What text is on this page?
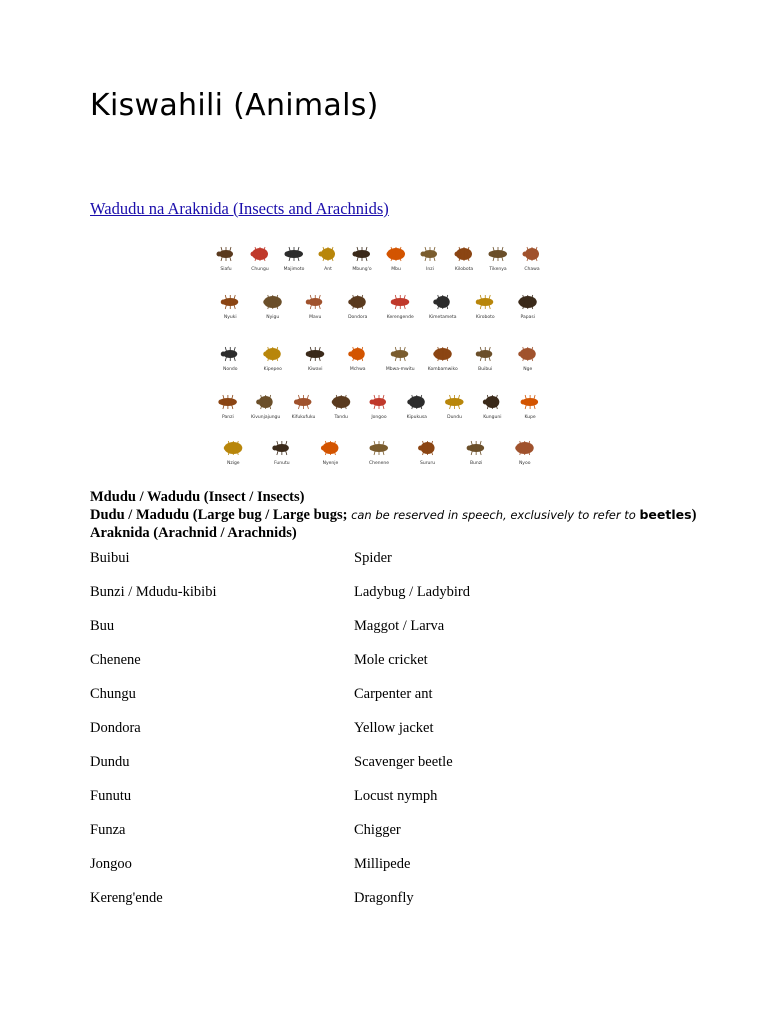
Kiswahili (Animals)
Wadudu na Araknida (Insects and Arachnids)
Siafu	Chungu	Majimoto	Ant	Mbung'o	Mbu	Inzi	Kilobota	Tikenya	Chawa
Nyuki	Nyigu	Mavu	Dondora	Kerengende	Kimetameta	Kiroboto	Papasi
Nondo	Kipepeo	Kiwavi	Mchwa	Mbwa-mwitu	Kombamwiko	Buibui	Nge
Panzi	Kivunjajungu	Kifukufuku	Tandu	Jongoo	Kipukusa	Dundu	Kunguni	Kupe
Nzige	Funutu	Nyenje	Chenene	Sururu	Bunzi	Nyoo
Mdudu / Wadudu (Insect / Insects)
Dudu / Madudu (Large bug / Large bugs; can be reserved in speech, exclusively to refer to beetles)
Araknida (Arachnid / Arachnids)
Buibui	Spider
Bunzi / Mdudu-kibibi	Ladybug / Ladybird
Buu	Maggot / Larva
Chenene	Mole cricket
Chungu	Carpenter ant
Dondora	Yellow jacket
Dundu	Scavenger beetle
Funutu	Locust nymph
Funza	Chigger
Jongoo	Millipede
Kereng'ende	Dragonfly
